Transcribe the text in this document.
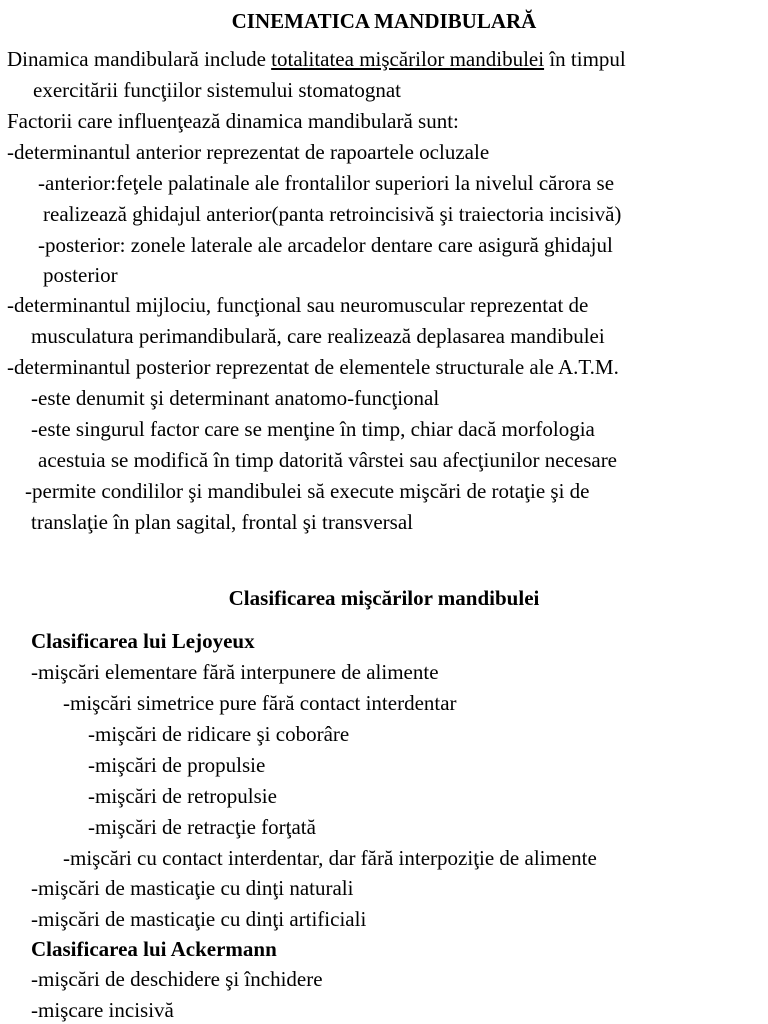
CINEMATICA MANDIBULARĂ
Dinamica mandibulară include totalitatea mişcărilor mandibulei în timpul
exercitării funcţiilor sistemului stomatognat
Factorii care influenţează dinamica mandibulară sunt:
-determinantul anterior reprezentat de rapoartele ocluzale
-anterior:feţele palatinale ale frontalilor superiori la nivelul cărora se
realizează ghidajul anterior(panta retroincisivă şi traiectoria incisivă)
-posterior: zonele laterale ale arcadelor dentare care asigură ghidajul
posterior
-determinantul mijlociu, funcţional sau neuromuscular reprezentat de
musculatura perimandibulară, care realizează deplasarea mandibulei
-determinantul posterior reprezentat de elementele structurale ale A.T.M.
-este denumit şi determinant anatomo-funcţional
-este singurul factor care se menţine în timp, chiar dacă morfologia
acestuia se modifică în timp datorită vârstei sau afecţiunilor necesare
-permite condililor şi mandibulei să execute mişcări de rotaţie şi de
translaţie în plan sagital, frontal şi transversal
Clasificarea mişcărilor mandibulei
Clasificarea lui Lejoyeux
-mişcări elementare fără interpunere de alimente
-mişcări simetrice pure fără contact interdentar
-mişcări de ridicare şi coborâre
-mişcări de propulsie
-mişcări de retropulsie
-mişcări de retracţie forţată
-mişcări cu contact interdentar, dar fără interpoziţie de alimente
-mişcări de masticaţie cu dinţi naturali
-mişcări de masticaţie cu dinţi artificiali
Clasificarea lui Ackermann
-mişcări de deschidere şi închidere
-mişcare incisivă
